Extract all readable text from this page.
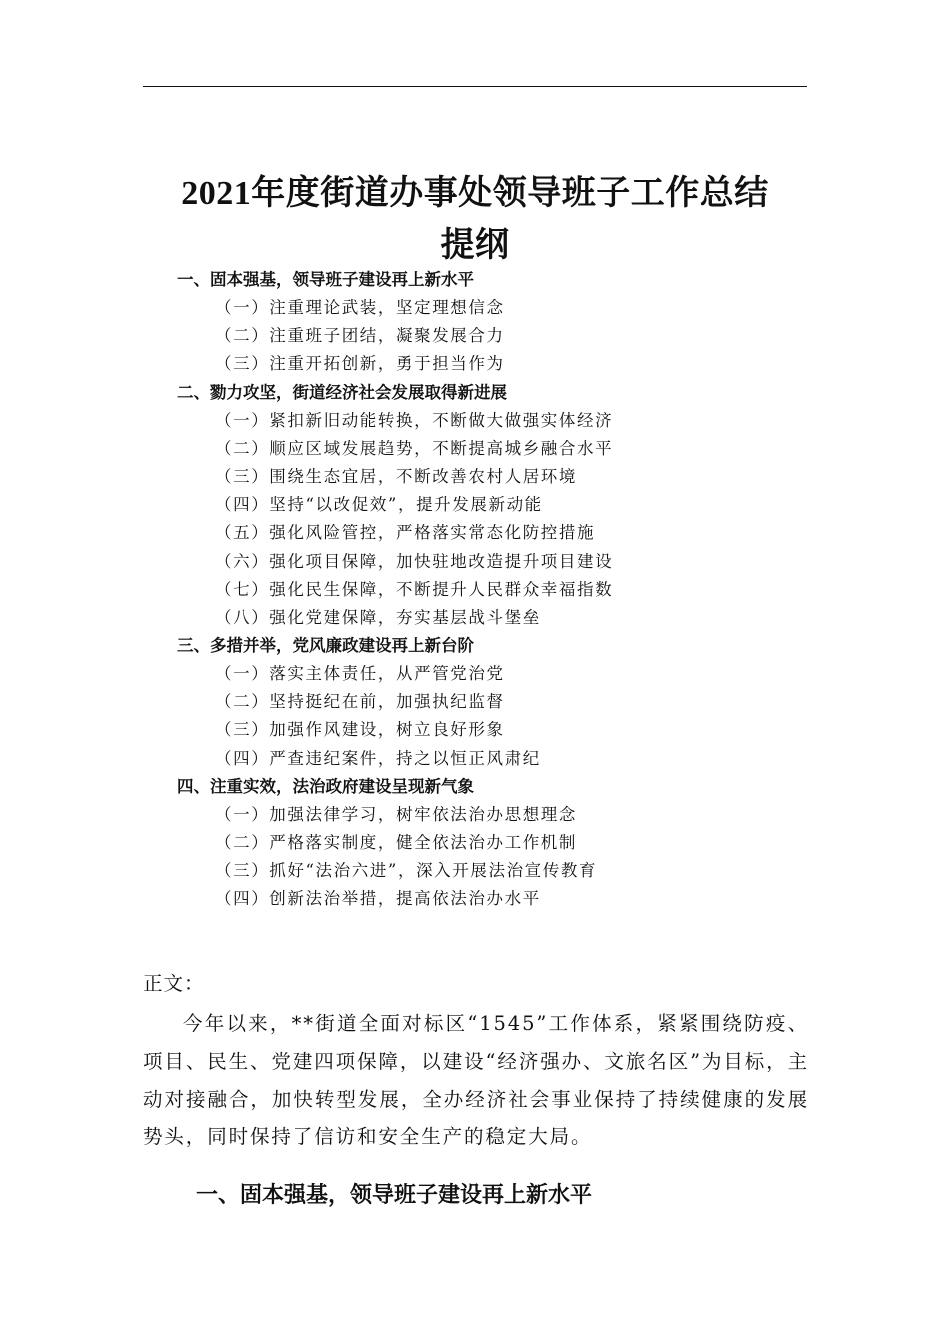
2021年度街道办事处领导班子工作总结
提纲
一、固本强基，领导班子建设再上新水平
（一）注重理论武装，坚定理想信念
（二）注重班子团结，凝聚发展合力
（三）注重开拓创新，勇于担当作为
二、勠力攻坚，街道经济社会发展取得新进展
（一）紧扣新旧动能转换，不断做大做强实体经济
（二）顺应区域发展趋势，不断提高城乡融合水平
（三）围绕生态宜居，不断改善农村人居环境
（四）坚持“以改促效”，提升发展新动能
（五）强化风险管控，严格落实常态化防控措施
（六）强化项目保障，加快驻地改造提升项目建设
（七）强化民生保障，不断提升人民群众幸福指数
（八）强化党建保障，夯实基层战斗堡垒
三、多措并举，党风廉政建设再上新台阶
（一）落实主体责任，从严管党治党
（二）坚持挺纪在前，加强执纪监督
（三）加强作风建设，树立良好形象
（四）严查违纪案件，持之以恒正风肃纪
四、注重实效，法治政府建设呈现新气象
（一）加强法律学习，树牢依法治办思想理念
（二）严格落实制度，健全依法治办工作机制
（三）抓好“法治六进”，深入开展法治宣传教育
（四）创新法治举措，提高依法治办水平
正文：

今年以来，**街道全面对标区“1545”工作体系，紧紧围绕防疫、项目、民生、党建四项保障，以建设“经济强办、文旅名区”为目标，主动对接融合，加快转型发展，全办经济社会事业保持了持续健康的发展势头，同时保持了信访和安全生产的稳定大局。

一、固本强基，领导班子建设再上新水平
